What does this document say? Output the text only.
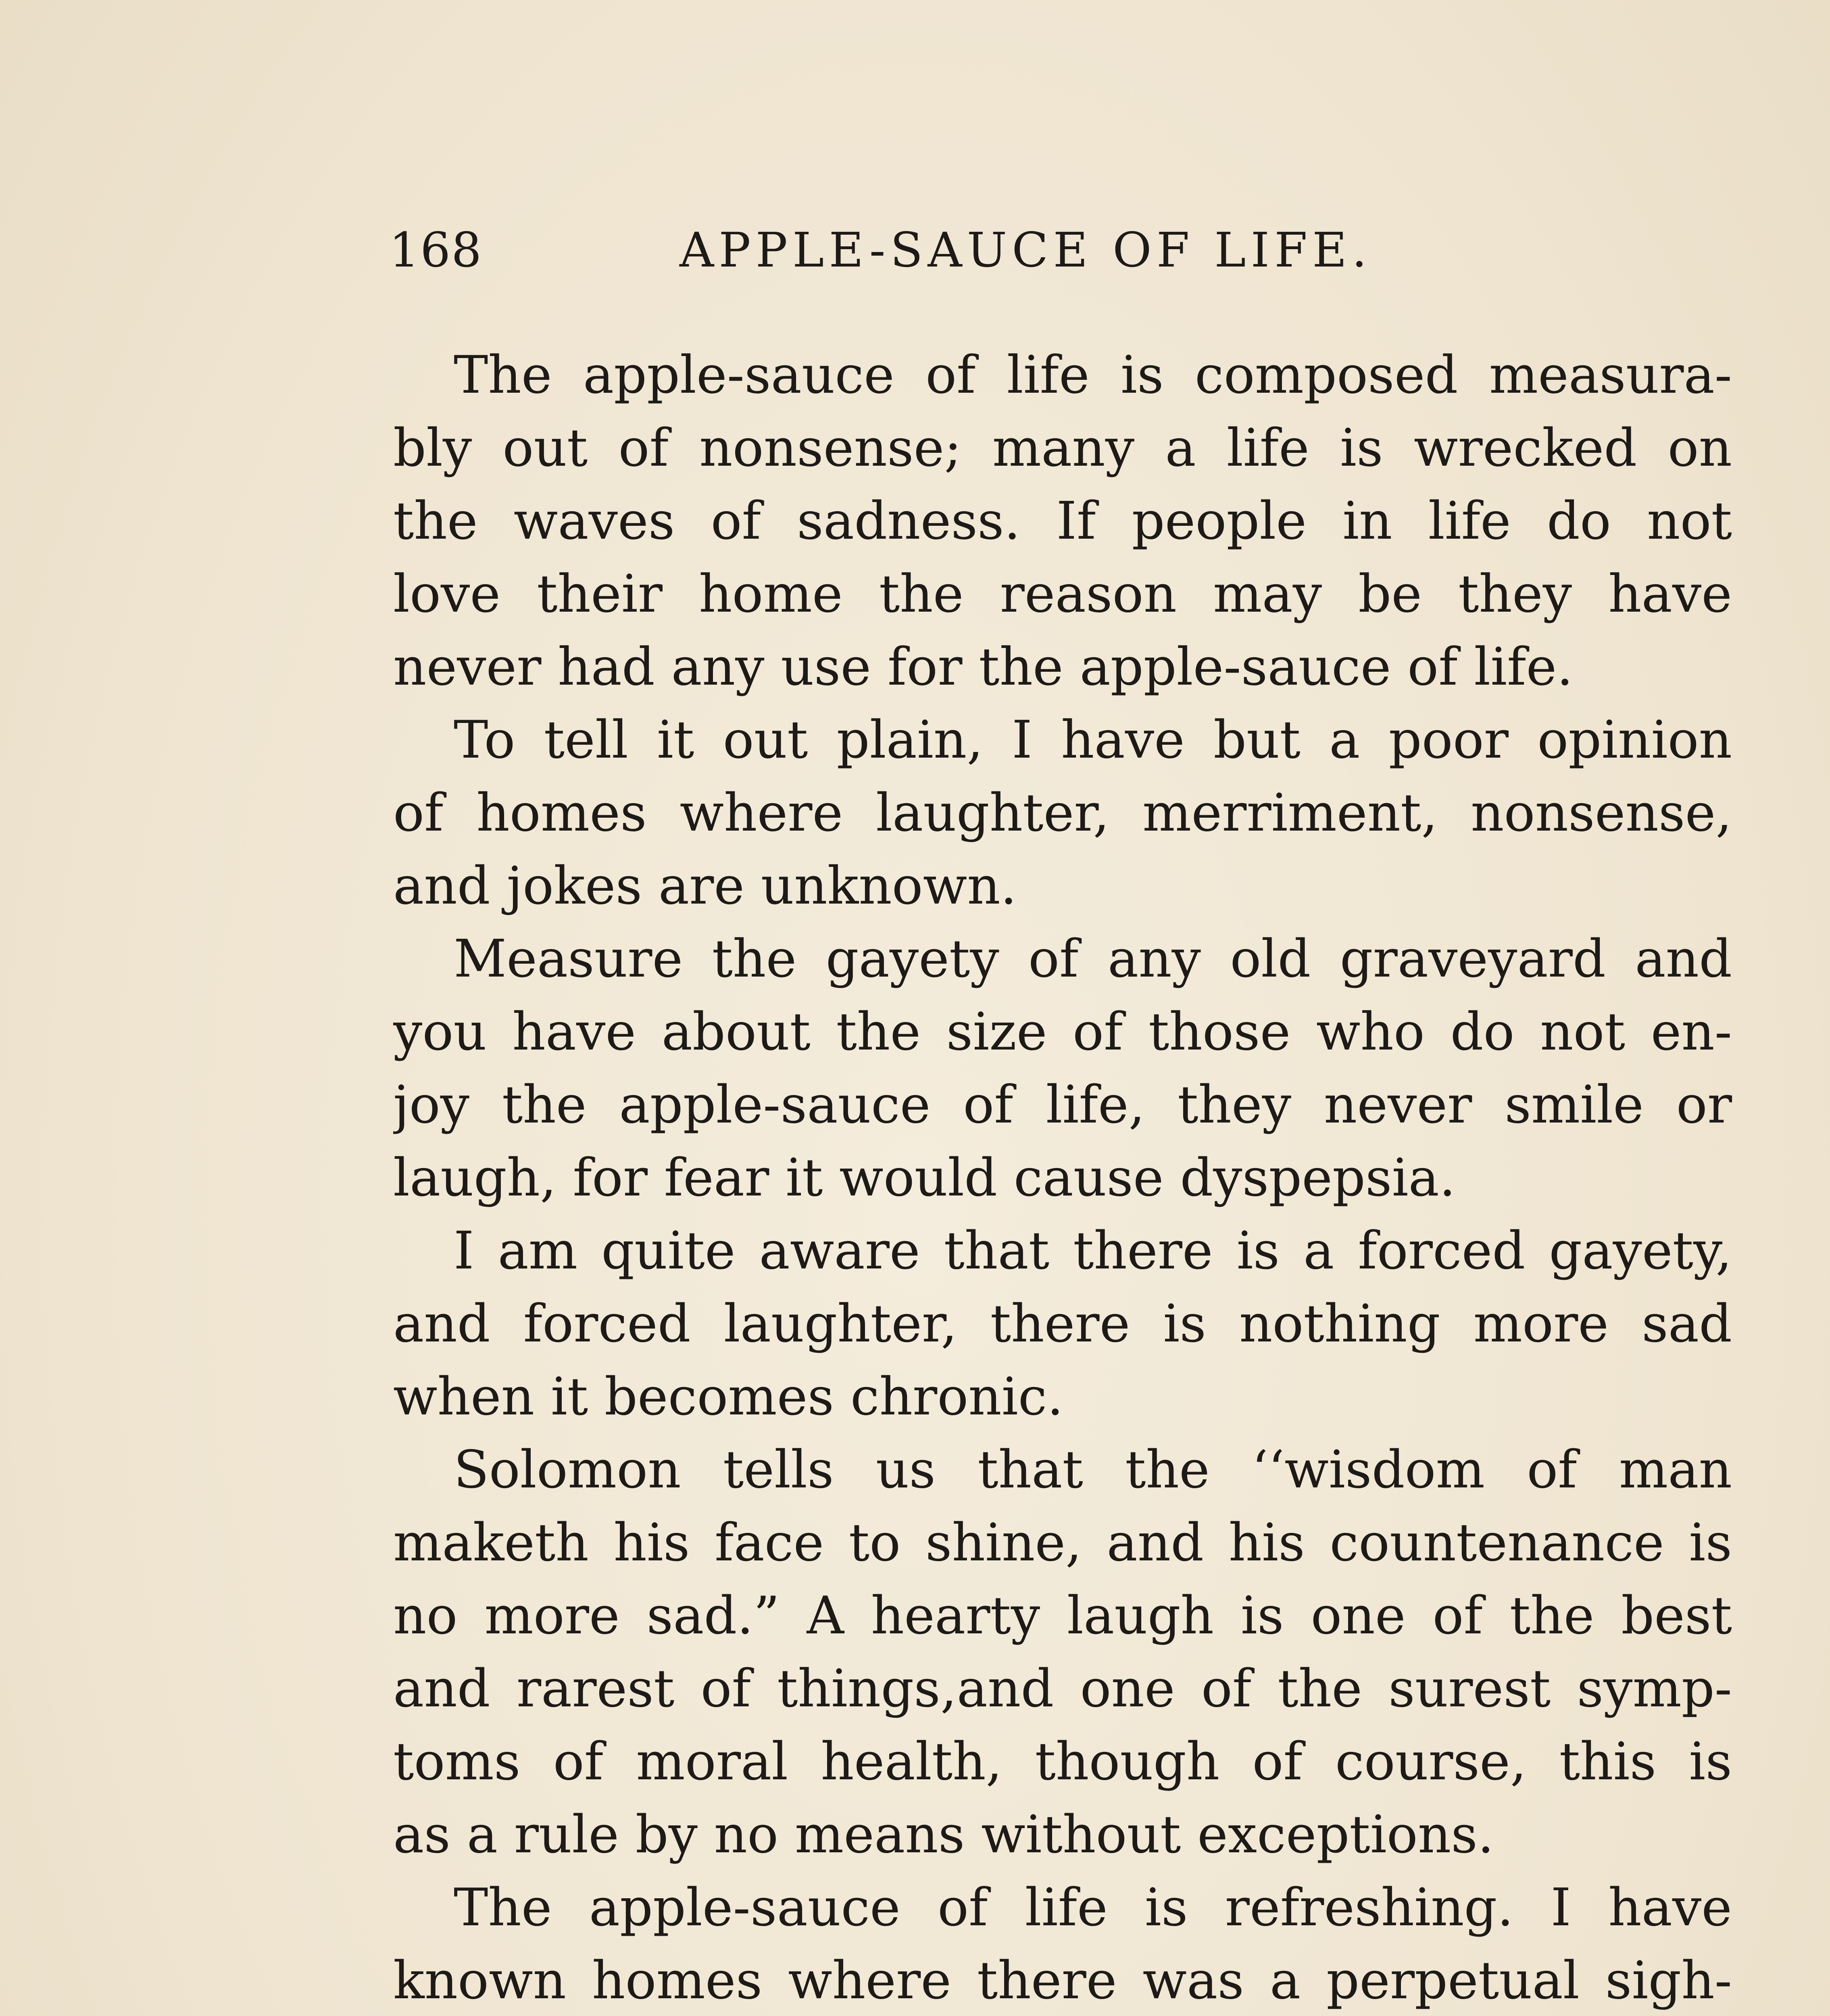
168	APPLE-SAUCE OF LIFE.
The apple-sauce of life is composed measura-
bly out of nonsense; many a life is wrecked on
the waves of sadness. If people in life do not
love their home the reason may be they have
never had any use for the apple-sauce of life.
To tell it out plain, I have but a poor opinion
of homes where laughter, merriment, nonsense,
and jokes are unknown.
Measure the gayety of any old graveyard and
you have about the size of those who do not en-
joy the apple-sauce of life, they never smile or
laugh, for fear it would cause dyspepsia.
I am quite aware that there is a forced gayety,
and forced laughter, there is nothing more sad
when it becomes chronic.
Solomon tells us that the ‘‘wisdom of man
maketh his face to shine, and his countenance is
no more sad.” A hearty laugh is one of the best
and rarest of things,and one of the surest symp-
toms of moral health, though of course, this is
as a rule by no means without exceptions.
The apple-sauce of life is refreshing. I have
known homes where there was a perpetual sigh-
